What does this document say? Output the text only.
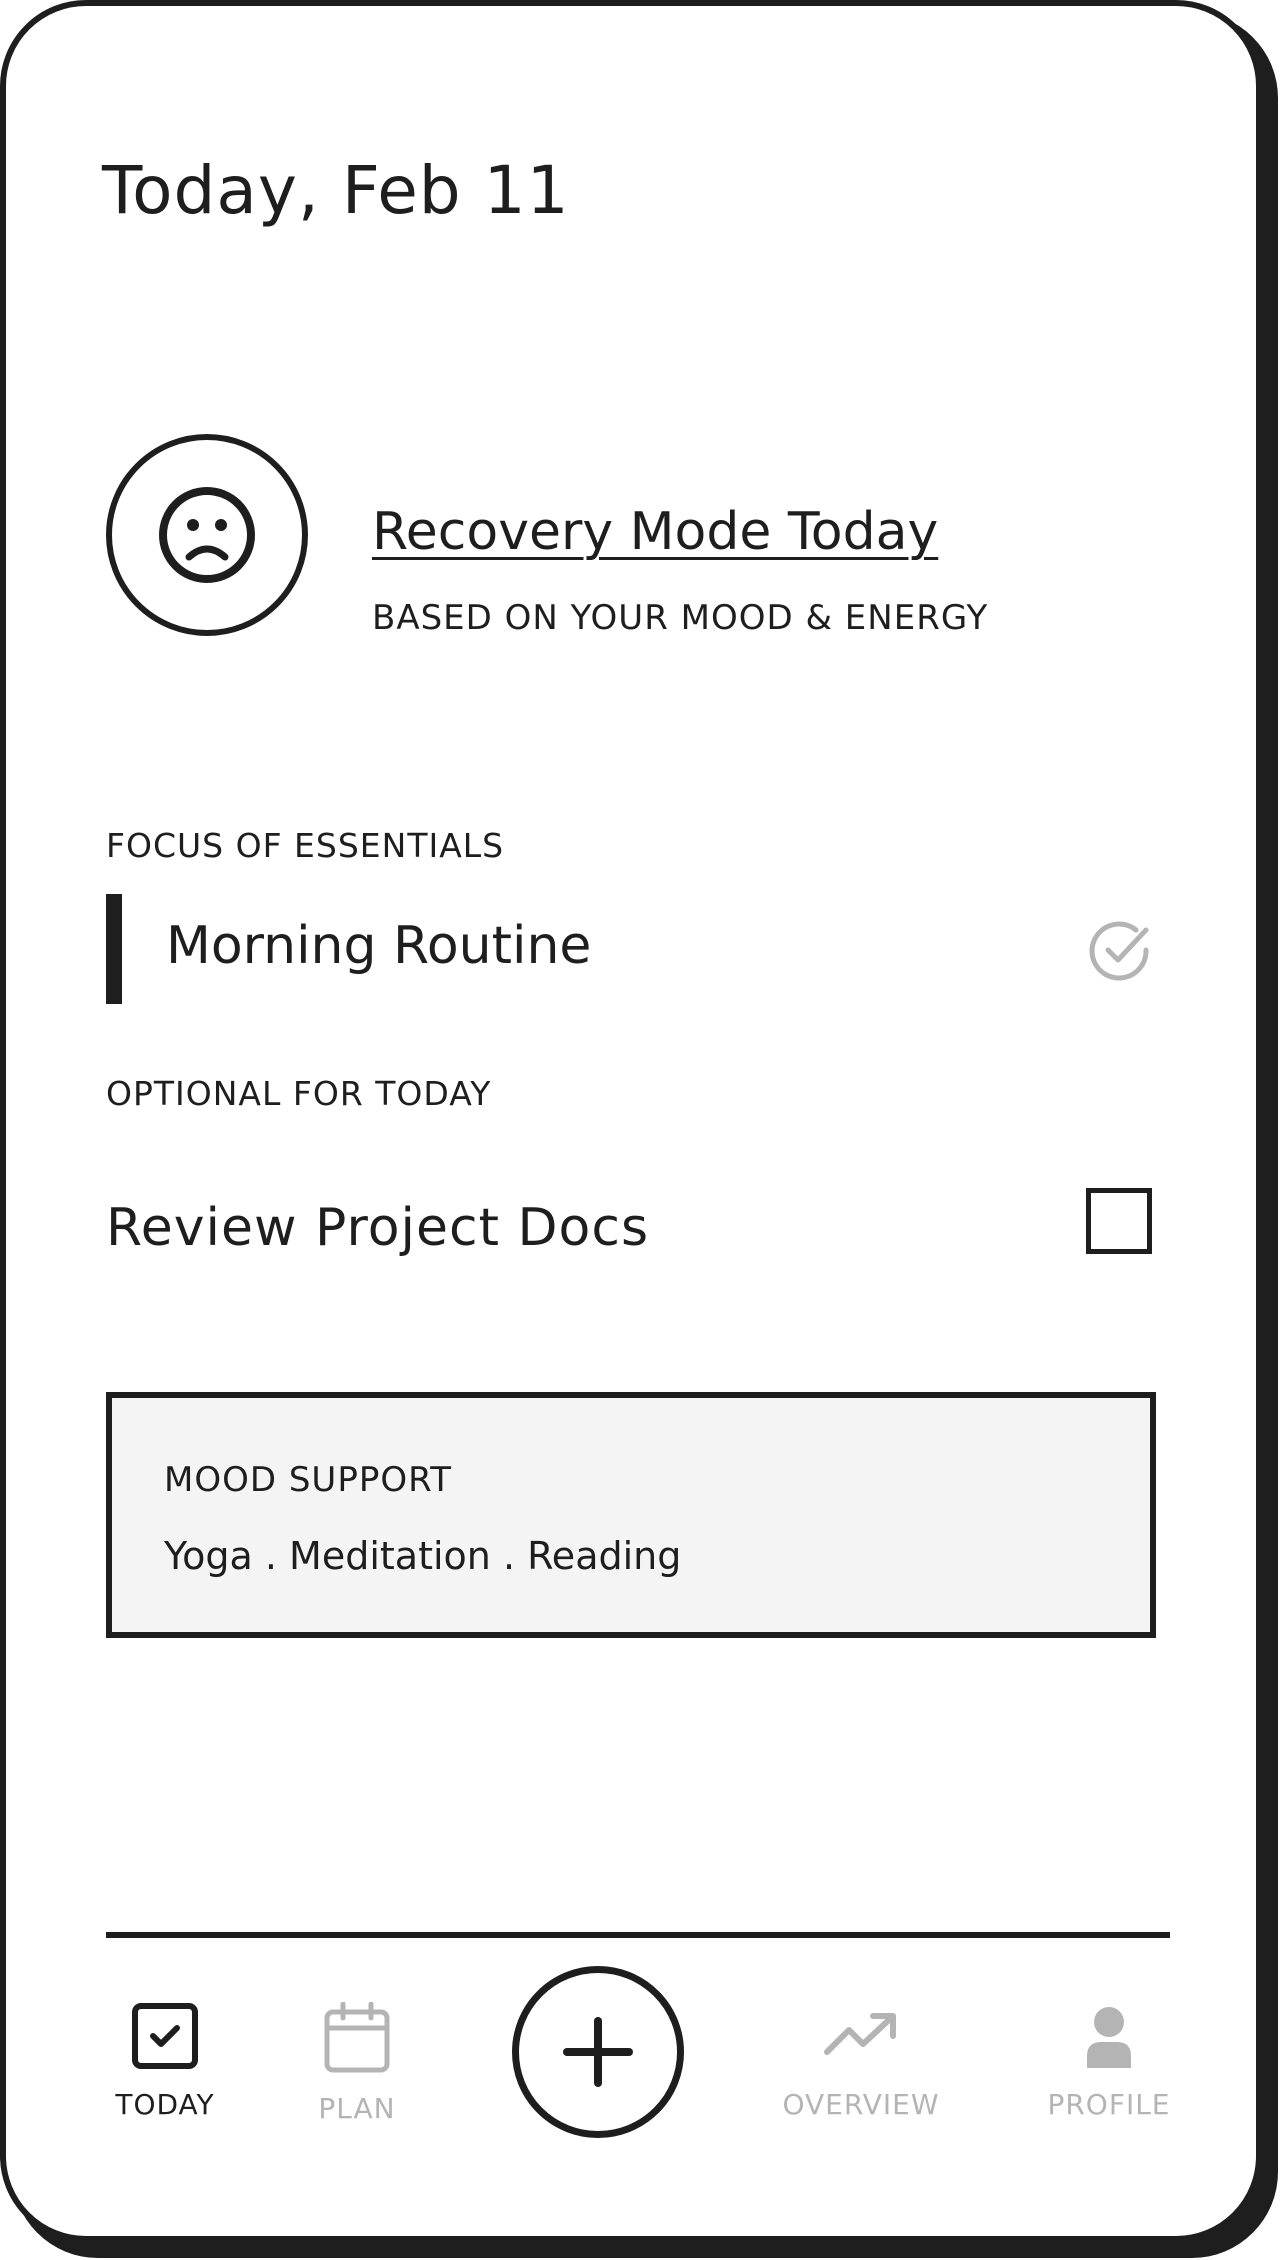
Today, Feb 11
Recovery Mode Today
BASED ON YOUR MOOD & ENERGY
FOCUS OF ESSENTIALS
Morning Routine
OPTIONAL FOR TODAY
Review Project Docs
MOOD SUPPORT
Yoga . Meditation . Reading
TODAY	PLAN	OVERVIEW	PROFILE
